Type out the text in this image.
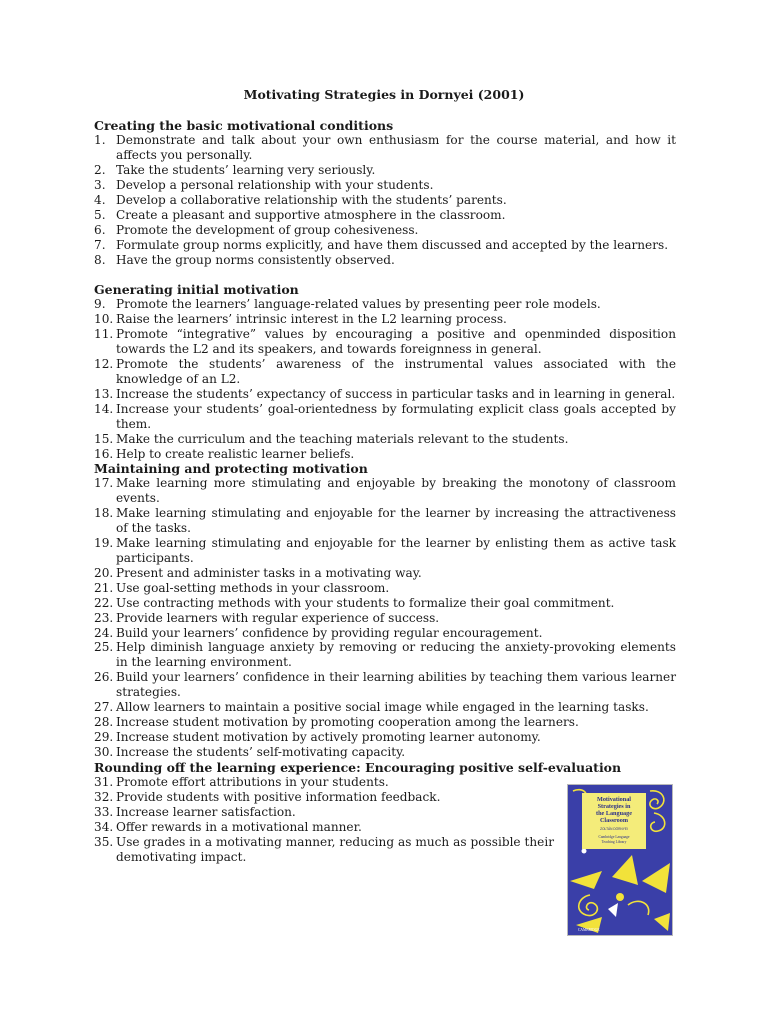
Motivating Strategies in Dornyei (2001)
Creating the basic motivational conditions
1. Demonstrate and talk about your own enthusiasm for the course material, and how it affects you personally.
2. Take the students’ learning very seriously.
3. Develop a personal relationship with your students.
4. Develop a collaborative relationship with the students’ parents.
5. Create a pleasant and supportive atmosphere in the classroom.
6. Promote the development of group cohesiveness.
7. Formulate group norms explicitly, and have them discussed and accepted by the learners.
8. Have the group norms consistently observed.
Generating initial motivation
9. Promote the learners’ language-related values by presenting peer role models.
10. Raise the learners’ intrinsic interest in the L2 learning process.
11. Promote “integrative” values by encouraging a positive and openminded disposition towards the L2 and its speakers, and towards foreignness in general.
12. Promote the students’ awareness of the instrumental values associated with the knowledge of an L2.
13. Increase the students’ expectancy of success in particular tasks and in learning in general.
14. Increase your students’ goal-orientedness by formulating explicit class goals accepted by them.
15. Make the curriculum and the teaching materials relevant to the students.
16. Help to create realistic learner beliefs.
Maintaining and protecting motivation
17. Make learning more stimulating and enjoyable by breaking the monotony of classroom events.
18. Make learning stimulating and enjoyable for the learner by increasing the attractiveness of the tasks.
19. Make learning stimulating and enjoyable for the learner by enlisting them as active task participants.
20. Present and administer tasks in a motivating way.
21. Use goal-setting methods in your classroom.
22. Use contracting methods with your students to formalize their goal commitment.
23. Provide learners with regular experience of success.
24. Build your learners’ confidence by providing regular encouragement.
25. Help diminish language anxiety by removing or reducing the anxiety-provoking elements in the learning environment.
26. Build your learners’ confidence in their learning abilities by teaching them various learner strategies.
27. Allow learners to maintain a positive social image while engaged in the learning tasks.
28. Increase student motivation by promoting cooperation among the learners.
29. Increase student motivation by actively promoting learner autonomy.
30. Increase the students’ self-motivating capacity.
Rounding off the learning experience: Encouraging positive self-evaluation
31. Promote effort attributions in your students.
32. Provide students with positive information feedback.
33. Increase learner satisfaction.
34. Offer rewards in a motivational manner.
35. Use grades in a motivating manner, reducing as much as possible their demotivating impact.
Motivational
Strategies in
the Language
Classroom
ZOLTÁN DÖRNYEI
Cambridge Language
Teaching Library
CAMBRIDGE
